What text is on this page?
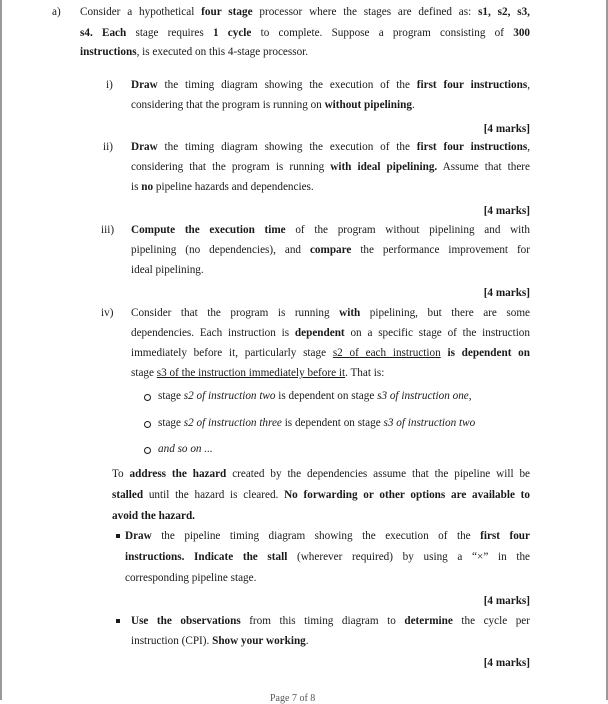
a) Consider a hypothetical four stage processor where the stages are defined as: s1, s2, s3,
s4. Each stage requires 1 cycle to complete. Suppose a program consisting of 300
instructions, is executed on this 4-stage processor.
i) Draw the timing diagram showing the execution of the first four instructions,
considering that the program is running on without pipelining.
[4 marks]
ii) Draw the timing diagram showing the execution of the first four instructions,
considering that the program is running with ideal pipelining. Assume that there
is no pipeline hazards and dependencies.
[4 marks]
iii) Compute the execution time of the program without pipelining and with
pipelining (no dependencies), and compare the performance improvement for
ideal pipelining.
[4 marks]
iv) Consider that the program is running with pipelining, but there are some
dependencies. Each instruction is dependent on a specific stage of the instruction
immediately before it, particularly stage s2 of each instruction is dependent on
stage s3 of the instruction immediately before it. That is:
stage s2 of instruction two is dependent on stage s3 of instruction one,
stage s2 of instruction three is dependent on stage s3 of instruction two
and so on ...
To address the hazard created by the dependencies assume that the pipeline will be
stalled until the hazard is cleared. No forwarding or other options are available to
avoid the hazard.
Draw the pipeline timing diagram showing the execution of the first four
instructions. Indicate the stall (wherever required) by using a “×” in the
corresponding pipeline stage.
[4 marks]
Use the observations from this timing diagram to determine the cycle per
instruction (CPI). Show your working.
[4 marks]
Page 7 of 8
